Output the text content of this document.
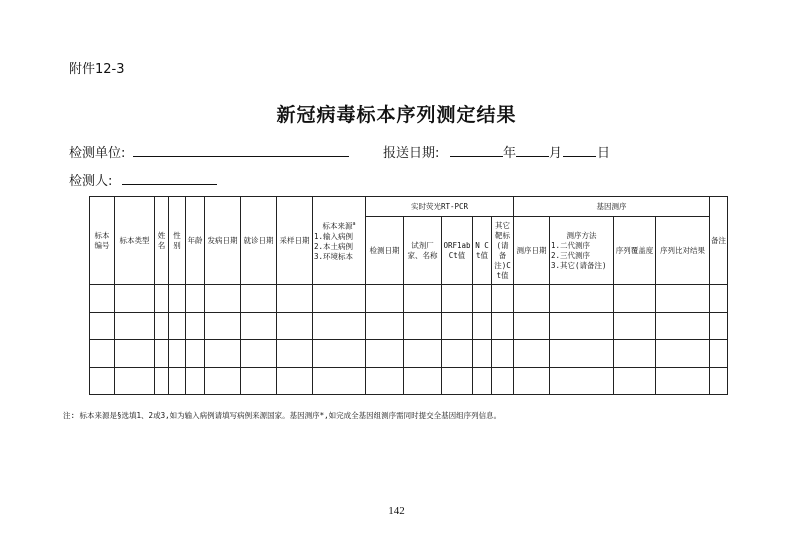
附件12-3
新冠病毒标本序列测定结果
检测单位:	报送日期:	年	月	日
检测人:
标本编号	标本类型	姓名	性别	年龄	发病日期	就诊日期	采样日期	标本来源$^a$
1.输入病例
2.本土病例
3.环境标本	实时荧光RT-PCR					基因测序				备注
									检测日期	试剂厂家、名称	ORF1ab Ct值	N Ct值	其它靶标(请备注)Ct值	测序日期	测序方法
1.二代测序
2.三代测序
3.其它(请备注)	序列覆盖度	序列比对结果	

注: 标本来源是§选填1、2或3,如为输入病例请填写病例来源国家。基因测序*,如完成全基因组测序需同时提交全基因组序列信息。
142
